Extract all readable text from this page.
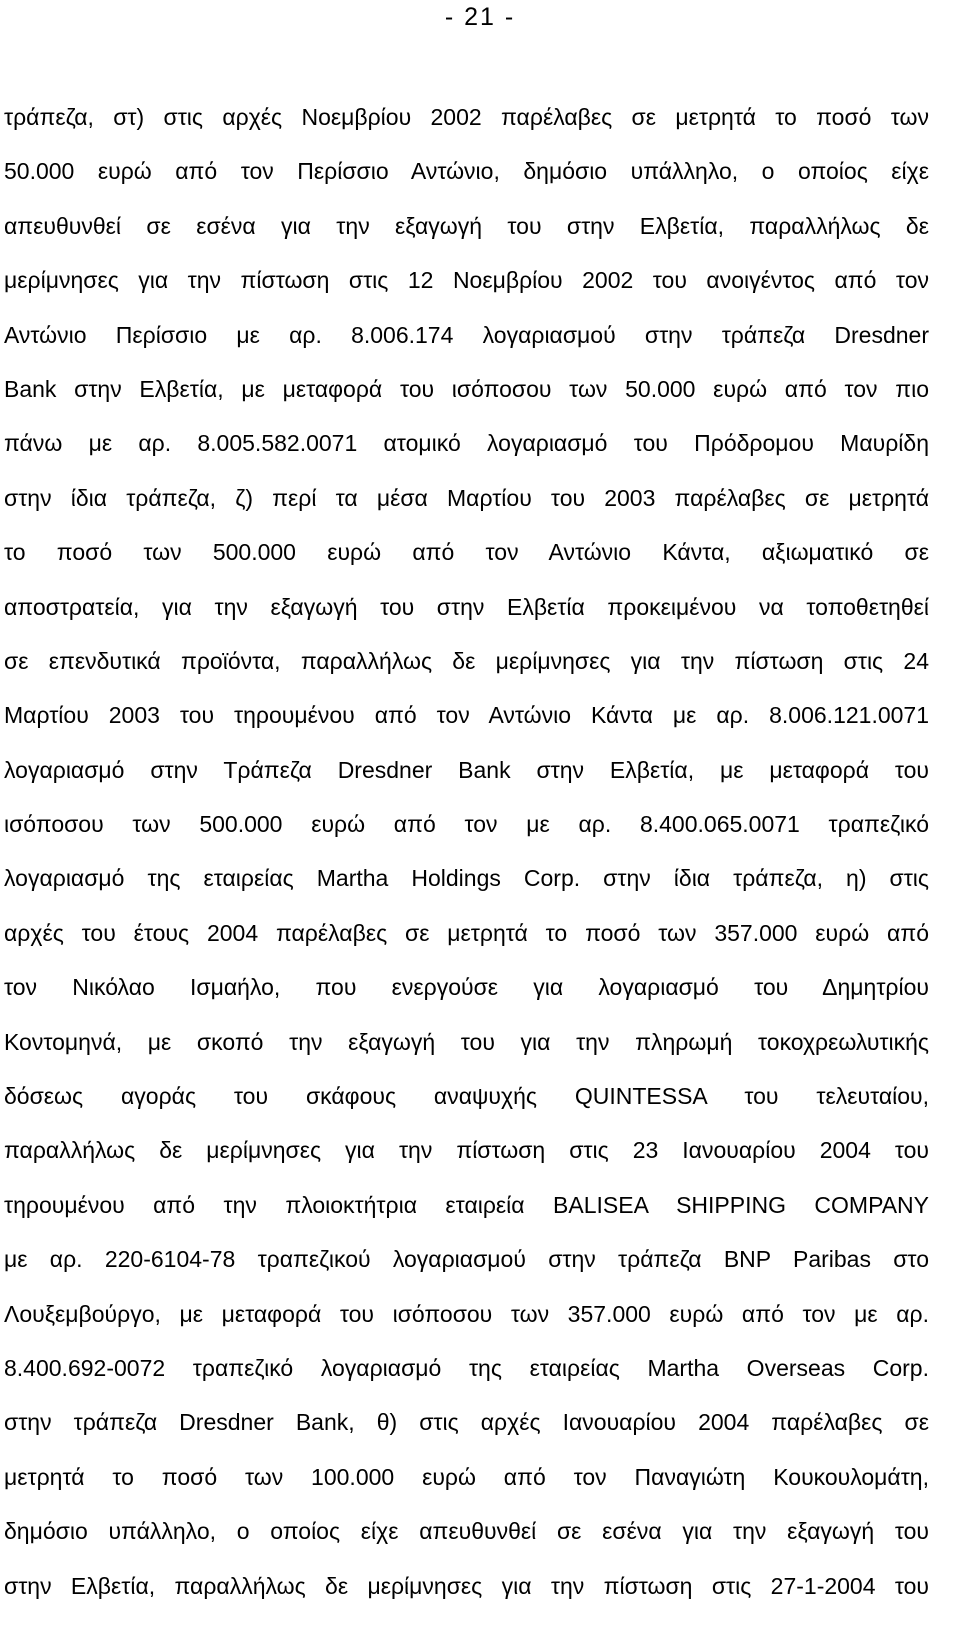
- 21 -
τράπεζα, στ) στις αρχές Νοεμβρίου 2002 παρέλαβες σε μετρητά το ποσό των
50.000 ευρώ από τον Περίσσιο Αντώνιο, δημόσιο υπάλληλο, ο οποίος είχε
απευθυνθεί σε εσένα για την εξαγωγή του στην Ελβετία, παραλλήλως δε
μερίμνησες για την πίστωση στις 12 Νοεμβρίου 2002 του ανοιγέντος από τον
Αντώνιο Περίσσιο με αρ. 8.006.174 λογαριασμού στην τράπεζα Dresdner
Bank στην Ελβετία, με μεταφορά του ισόποσου των 50.000 ευρώ από τον πιο
πάνω με αρ. 8.005.582.0071 ατομικό λογαριασμό του Πρόδρομου Μαυρίδη
στην ίδια τράπεζα, ζ) περί τα μέσα Μαρτίου του 2003 παρέλαβες σε μετρητά
το ποσό των 500.000 ευρώ από τον Αντώνιο Κάντα, αξιωματικό σε
αποστρατεία, για την εξαγωγή του στην Ελβετία προκειμένου να τοποθετηθεί
σε επενδυτικά προϊόντα, παραλλήλως δε μερίμνησες για την πίστωση στις 24
Μαρτίου 2003 του τηρουμένου από τον Αντώνιο Κάντα με αρ. 8.006.121.0071
λογαριασμό στην Τράπεζα Dresdner Bank στην Ελβετία, με μεταφορά του
ισόποσου των 500.000 ευρώ από τον με αρ. 8.400.065.0071 τραπεζικό
λογαριασμό της εταιρείας Martha Holdings Corp. στην ίδια τράπεζα, η) στις
αρχές του έτους 2004 παρέλαβες σε μετρητά το ποσό των 357.000 ευρώ από
τον Νικόλαο Ισμαήλο, που ενεργούσε για λογαριασμό του Δημητρίου
Κοντομηνά, με σκοπό την εξαγωγή του για την πληρωμή τοκοχρεωλυτικής
δόσεως αγοράς του σκάφους αναψυχής QUINTESSA του τελευταίου,
παραλλήλως δε μερίμνησες για την πίστωση στις 23 Ιανουαρίου 2004 του
τηρουμένου από την πλοιοκτήτρια εταιρεία BALISEA SHIPPING COMPANY
με αρ. 220-6104-78 τραπεζικού λογαριασμού στην τράπεζα BNP Paribas στο
Λουξεμβούργο, με μεταφορά του ισόποσου των 357.000 ευρώ από τον με αρ.
8.400.692-0072 τραπεζικό λογαριασμό της εταιρείας Martha Overseas Corp.
στην τράπεζα Dresdner Bank, θ) στις αρχές Ιανουαρίου 2004 παρέλαβες σε
μετρητά το ποσό των 100.000 ευρώ από τον Παναγιώτη Κουκουλομάτη,
δημόσιο υπάλληλο, ο οποίος είχε απευθυνθεί σε εσένα για την εξαγωγή του
στην Ελβετία, παραλλήλως δε μερίμνησες για την πίστωση στις 27-1-2004 του
